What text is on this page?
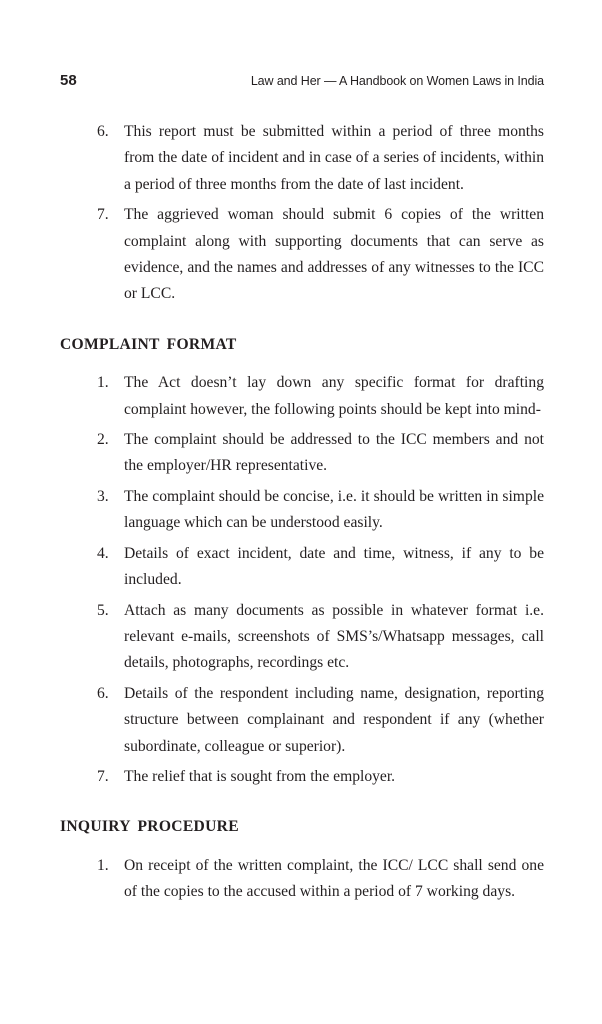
58	Law and Her — A Handbook on Women Laws in India
6. This report must be submitted within a period of three months from the date of incident and in case of a series of incidents, within a period of three months from the date of last incident.
7. The aggrieved woman should submit 6 copies of the written complaint along with supporting documents that can serve as evidence, and the names and addresses of any witnesses to the ICC or LCC.
COMPLAINT FORMAT
1. The Act doesn’t lay down any specific format for drafting complaint however, the following points should be kept into mind-
2. The complaint should be addressed to the ICC members and not the employer/HR representative.
3. The complaint should be concise, i.e. it should be written in simple language which can be understood easily.
4. Details of exact incident, date and time, witness, if any to be included.
5. Attach as many documents as possible in whatever format i.e. relevant e-mails, screenshots of SMS’s/Whatsapp messages, call details, photographs, recordings etc.
6. Details of the respondent including name, designation, reporting structure between complainant and respondent if any (whether subordinate, colleague or superior).
7. The relief that is sought from the employer.
INQUIRY PROCEDURE
1. On receipt of the written complaint, the ICC/ LCC shall send one of the copies to the accused within a period of 7 working days.
